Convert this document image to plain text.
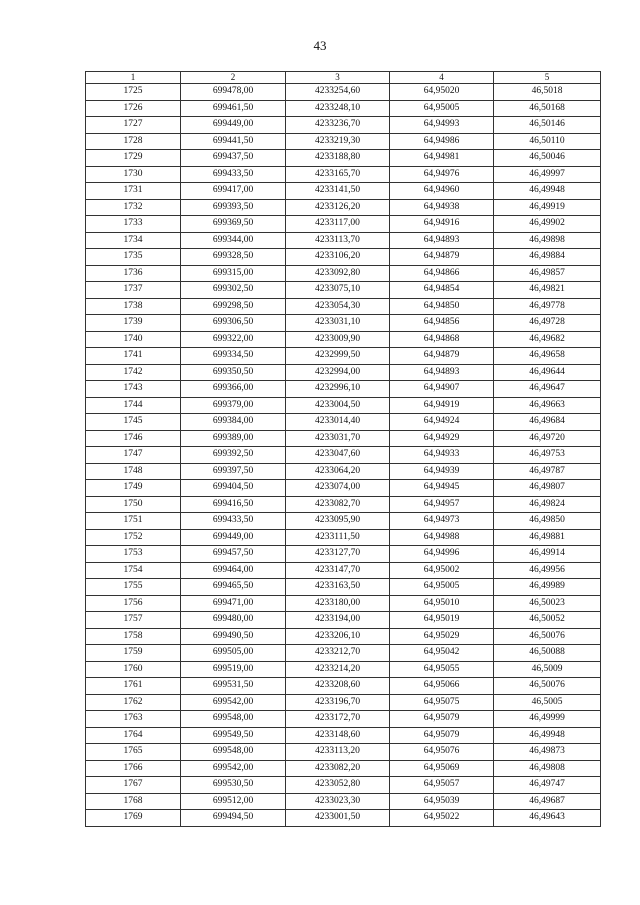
43
1	2	3	4	5
1725	699478,00	4233254,60	64,95020	46,5018
1726	699461,50	4233248,10	64,95005	46,50168
1727	699449,00	4233236,70	64,94993	46,50146
1728	699441,50	4233219,30	64,94986	46,50110
1729	699437,50	4233188,80	64,94981	46,50046
1730	699433,50	4233165,70	64,94976	46,49997
1731	699417,00	4233141,50	64,94960	46,49948
1732	699393,50	4233126,20	64,94938	46,49919
1733	699369,50	4233117,00	64,94916	46,49902
1734	699344,00	4233113,70	64,94893	46,49898
1735	699328,50	4233106,20	64,94879	46,49884
1736	699315,00	4233092,80	64,94866	46,49857
1737	699302,50	4233075,10	64,94854	46,49821
1738	699298,50	4233054,30	64,94850	46,49778
1739	699306,50	4233031,10	64,94856	46,49728
1740	699322,00	4233009,90	64,94868	46,49682
1741	699334,50	4232999,50	64,94879	46,49658
1742	699350,50	4232994,00	64,94893	46,49644
1743	699366,00	4232996,10	64,94907	46,49647
1744	699379,00	4233004,50	64,94919	46,49663
1745	699384,00	4233014,40	64,94924	46,49684
1746	699389,00	4233031,70	64,94929	46,49720
1747	699392,50	4233047,60	64,94933	46,49753
1748	699397,50	4233064,20	64,94939	46,49787
1749	699404,50	4233074,00	64,94945	46,49807
1750	699416,50	4233082,70	64,94957	46,49824
1751	699433,50	4233095,90	64,94973	46,49850
1752	699449,00	4233111,50	64,94988	46,49881
1753	699457,50	4233127,70	64,94996	46,49914
1754	699464,00	4233147,70	64,95002	46,49956
1755	699465,50	4233163,50	64,95005	46,49989
1756	699471,00	4233180,00	64,95010	46,50023
1757	699480,00	4233194,00	64,95019	46,50052
1758	699490,50	4233206,10	64,95029	46,50076
1759	699505,00	4233212,70	64,95042	46,50088
1760	699519,00	4233214,20	64,95055	46,5009
1761	699531,50	4233208,60	64,95066	46,50076
1762	699542,00	4233196,70	64,95075	46,5005
1763	699548,00	4233172,70	64,95079	46,49999
1764	699549,50	4233148,60	64,95079	46,49948
1765	699548,00	4233113,20	64,95076	46,49873
1766	699542,00	4233082,20	64,95069	46,49808
1767	699530,50	4233052,80	64,95057	46,49747
1768	699512,00	4233023,30	64,95039	46,49687
1769	699494,50	4233001,50	64,95022	46,49643
